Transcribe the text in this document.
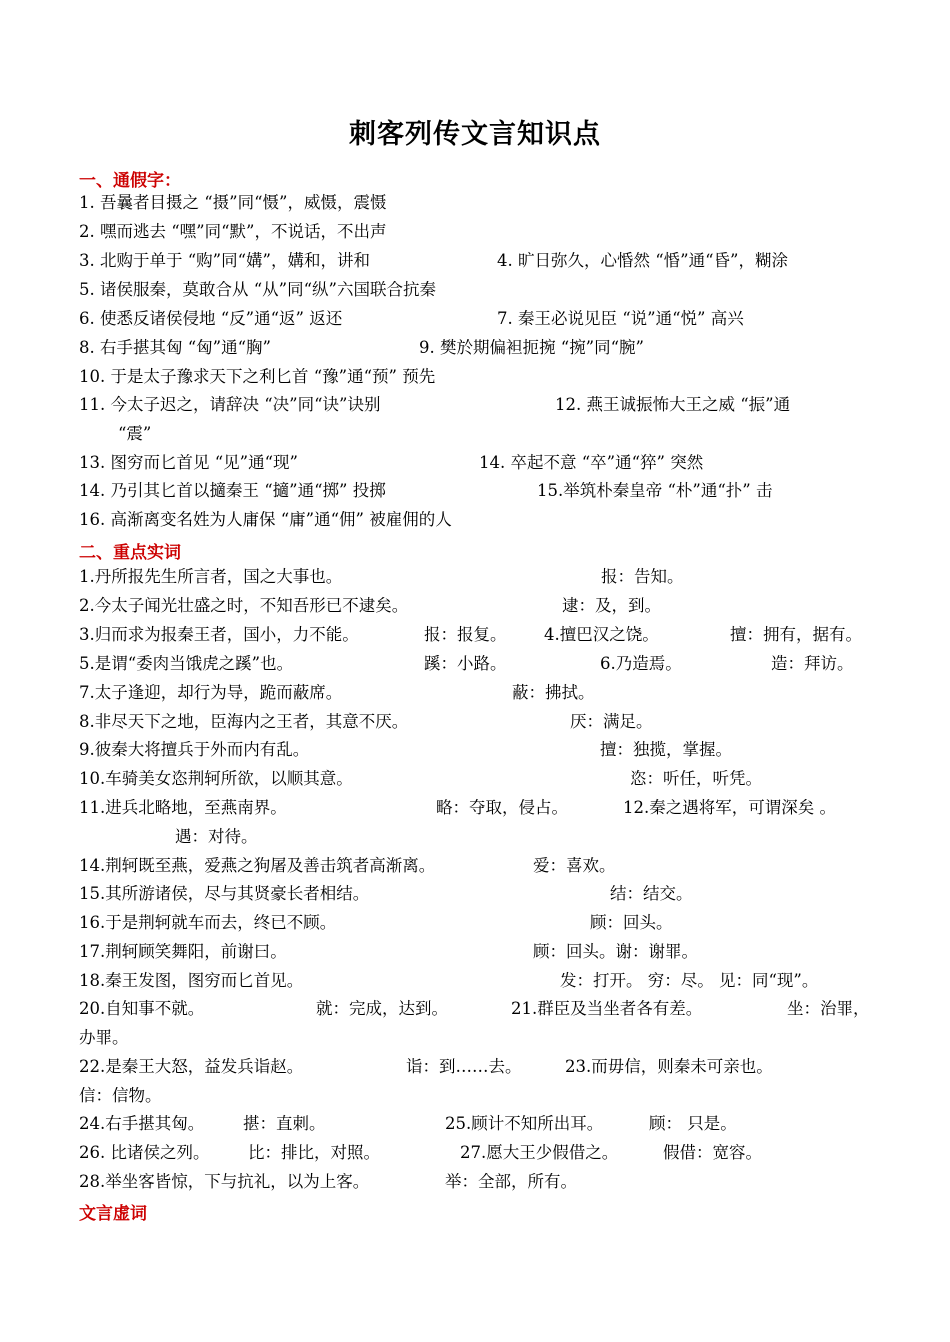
刺客列传文言知识点
一、通假字：
1. 吾曩者目摄之 “摄”同“慑”，威慑，震慑
2. 嘿而逃去 “嘿”同“默”，不说话，不出声
3. 北购于单于 “购”同“媾”，媾和，讲和	4. 旷日弥久，心惛然 “惛”通“昏”，糊涂
5. 诸侯服秦，莫敢合从 “从”同“纵”六国联合抗秦
6. 使悉反诸侯侵地 “反”通“返” 返还	7. 秦王必说见臣 “说”通“悦” 高兴
8. 右手揕其匈 “匈”通“胸”	9. 樊於期偏袒扼捥 “捥”同“腕”
10. 于是太子豫求天下之利匕首 “豫”通“预” 预先
11. 今太子迟之，请辞决 “决”同“诀”诀别	12. 燕王诚振怖大王之威 “振”通
“震”
13. 图穷而匕首见 “见”通“现”	14. 卒起不意 “卒”通“猝” 突然
14. 乃引其匕首以擿秦王 “擿”通“掷” 投掷	15.举筑朴秦皇帝 “朴”通“扑” 击
16. 高渐离变名姓为人庸保 “庸”通“佣” 被雇佣的人
二、重点实词
1.丹所报先生所言者，国之大事也。	报：告知。
2.今太子闻光壮盛之时，不知吾形已不逮矣。	逮：及，到。
3.归而求为报秦王者，国小，力不能。	报：报复。 4.擅巴汉之饶。	擅：拥有，据有。
5.是谓“委肉当饿虎之蹊”也。	蹊：小路。	6.乃造焉。	造：拜访。
7.太子逢迎，却行为导，跪而蔽席。	蔽：拂拭。
8.非尽天下之地，臣海内之王者，其意不厌。	厌：满足。
9.彼秦大将擅兵于外而内有乱。	擅：独揽，掌握。
10.车骑美女恣荆轲所欲，以顺其意。	恣：听任，听凭。
11.进兵北略地，至燕南界。	略：夺取，侵占。	12.秦之遇将军，可谓深矣 。
遇：对待。
14.荆轲既至燕，爱燕之狗屠及善击筑者高渐离。	爱：喜欢。
15.其所游诸侯，尽与其贤豪长者相结。	结：结交。
16.于是荆轲就车而去，终已不顾。	顾：回头。
17.荆轲顾笑舞阳，前谢曰。	顾：回头。谢：谢罪。
18.秦王发图，图穷而匕首见。	发：打开。 穷：尽。 见：同“现”。
20.自知事不就。	就：完成，达到。	21.群臣及当坐者各有差。	坐：治罪，
办罪。
22.是秦王大怒，益发兵诣赵。	诣：到……去。	23.而毋信，则秦未可亲也。
信：信物。
24.右手揕其匈。 揕：直刺。	25.顾计不知所出耳。	顾： 只是。
26. 比诸侯之列。 比：排比，对照。	27.愿大王少假借之。	假借：宽容。
28.举坐客皆惊，下与抗礼，以为上客。	举：全部，所有。
文言虚词
